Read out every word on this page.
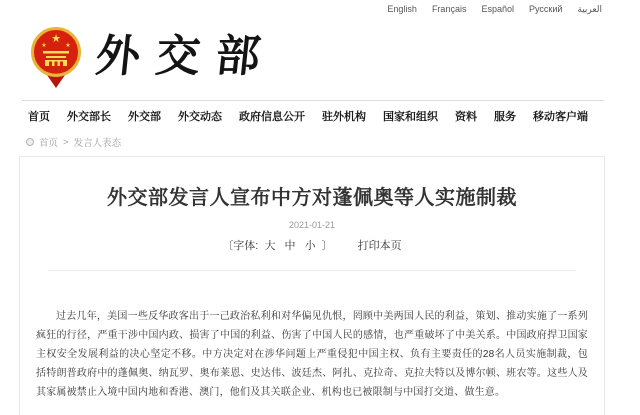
English Français Español Русский العربية
★
★	★ 外交部
首页 外交部长 外交部 外交动态 政府信息公开 驻外机构 国家和组织 资料 服务 移动客户端
首页 > 发言人表态
外交部发言人宣布中方对蓬佩奥等人实施制裁
2021-01-21
〔字体: 大 中 小 〕 打印本页

过去几年，美国一些反华政客出于一己政治私利和对华偏见仇恨，罔顾中美两国人民的利益，策划、推动实施了一系列疯狂的行径，严重干涉中国内政、损害了中国的利益、伤害了中国人民的感情，也严重破坏了中美关系。中国政府捍卫国家主权安全发展利益的决心坚定不移。中方决定对在涉华问题上严重侵犯中国主权、负有主要责任的28名人员实施制裁，包括特朗普政府中的蓬佩奥、纳瓦罗、奥布莱恩、史达伟、波廷杰、阿扎、克拉奇、克拉夫特以及博尔顿、班农等。这些人及其家属被禁止入境中国内地和香港、澳门，他们及其关联企业、机构也已被限制与中国打交道、做生意。
